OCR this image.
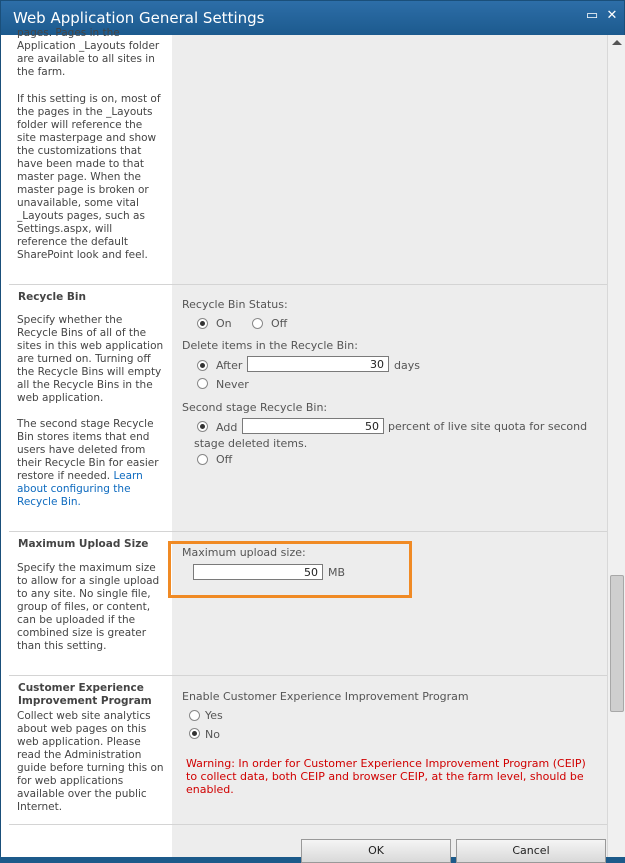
Web Application General Settings	▭ ✕
pages. Pages in the Application _Layouts folder are available to all sites in the farm.
If this setting is on, most of the pages in the _Layouts folder will reference the site masterpage and show the customizations that have been made to that master page. When the master page is broken or unavailable, some vital _Layouts pages, such as Settings.aspx, will reference the default SharePoint look and feel.
Recycle Bin
Specify whether the Recycle Bins of all of the sites in this web application are turned on. Turning off the Recycle Bins will empty all the Recycle Bins in the web application.
The second stage Recycle Bin stores items that end users have deleted from their Recycle Bin for easier restore if needed. Learn about configuring the Recycle Bin.
Recycle Bin Status:
On	Off
Delete items in the Recycle Bin:
After	30 days
Never
Second stage Recycle Bin:
Add	50 percent of live site quota for second
stage deleted items.
Off
Maximum Upload Size
Specify the maximum size to allow for a single upload to any site. No single file, group of files, or content, can be uploaded if the combined size is greater than this setting.
Maximum upload size:
50 MB
Customer Experience Improvement Program
Collect web site analytics about web pages on this web application. Please read the Administration guide before turning this on for web applications available over the public Internet.
Enable Customer Experience Improvement Program
Yes
No
Warning: In order for Customer Experience Improvement Program (CEIP) to collect data, both CEIP and browser CEIP, at the farm level, should be enabled.
OK	Cancel
